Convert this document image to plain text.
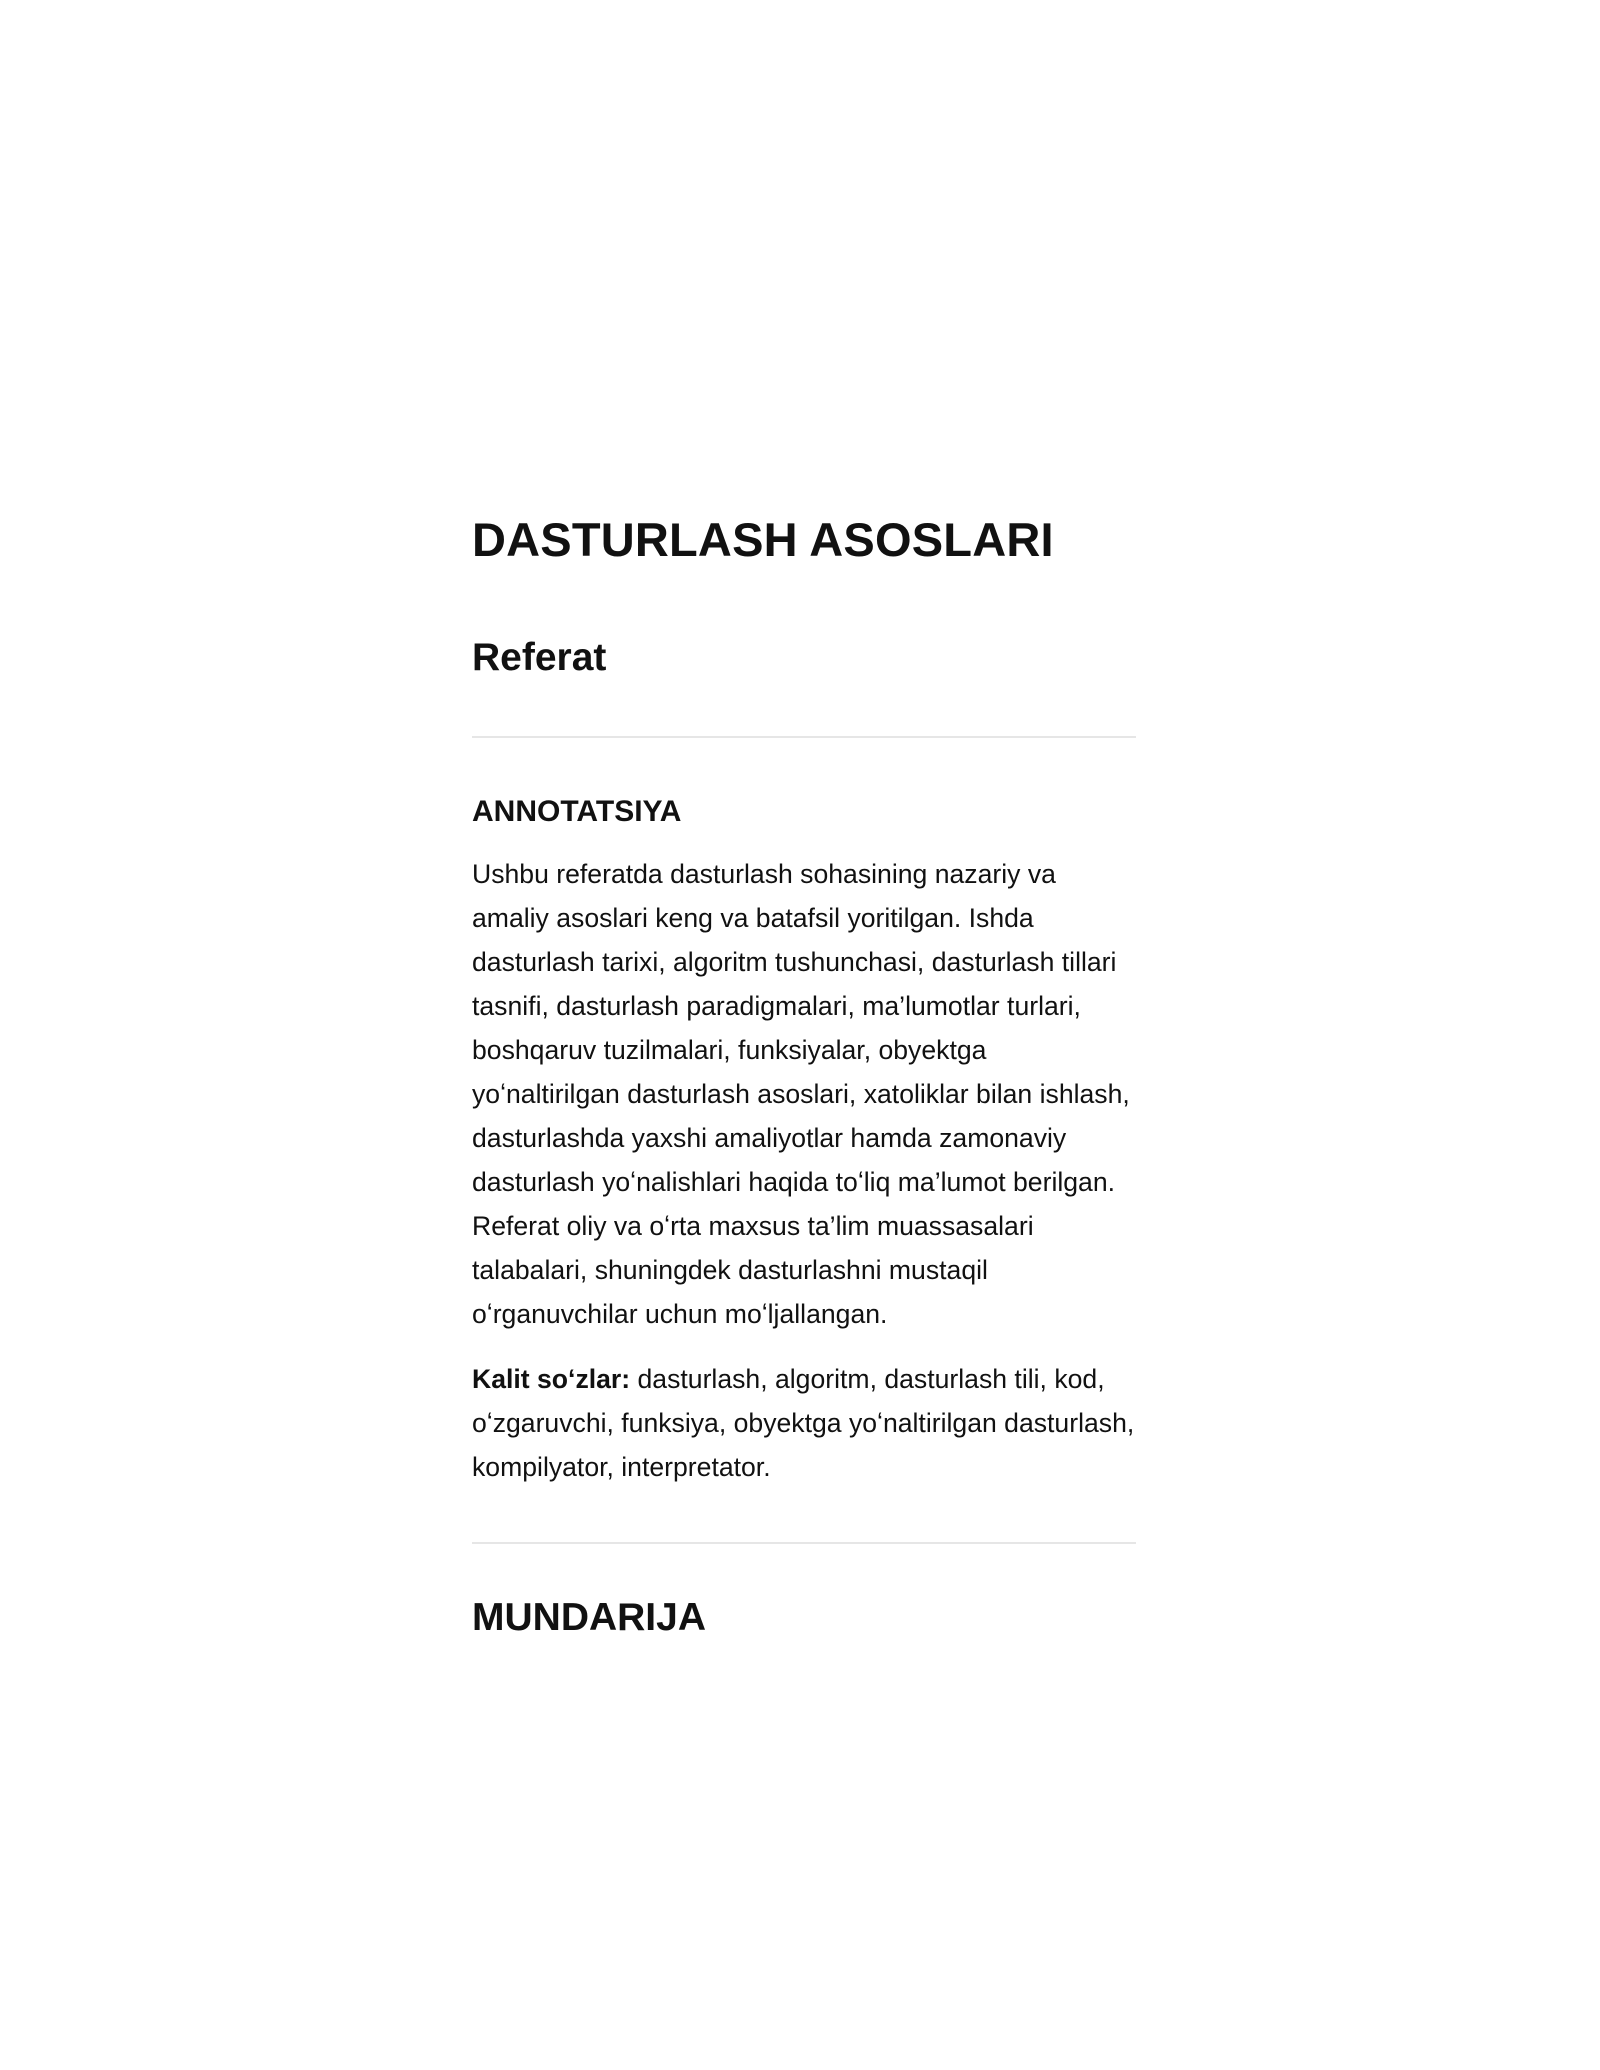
DASTURLASH ASOSLARI
Referat
ANNOTATSIYA

Ushbu referatda dasturlash sohasining nazariy va amaliy asoslari keng va batafsil yoritilgan. Ishda dasturlash tarixi, algoritm tushunchasi, dasturlash tillari tasnifi, dasturlash paradigmalari, ma’lumotlar turlari, boshqaruv tuzilmalari, funksiyalar, obyektga yoʻnaltirilgan dasturlash asoslari, xatoliklar bilan ishlash, dasturlashda yaxshi amaliyotlar hamda zamonaviy dasturlash yoʻnalishlari haqida toʻliq ma’lumot berilgan. Referat oliy va oʻrta maxsus ta’lim muassasalari talabalari, shuningdek dasturlashni mustaqil oʻrganuvchilar uchun moʻljallangan.

Kalit soʻzlar: dasturlash, algoritm, dasturlash tili, kod, oʻzgaruvchi, funksiya, obyektga yoʻnaltirilgan dasturlash, kompilyator, interpretator.

MUNDARIJA
